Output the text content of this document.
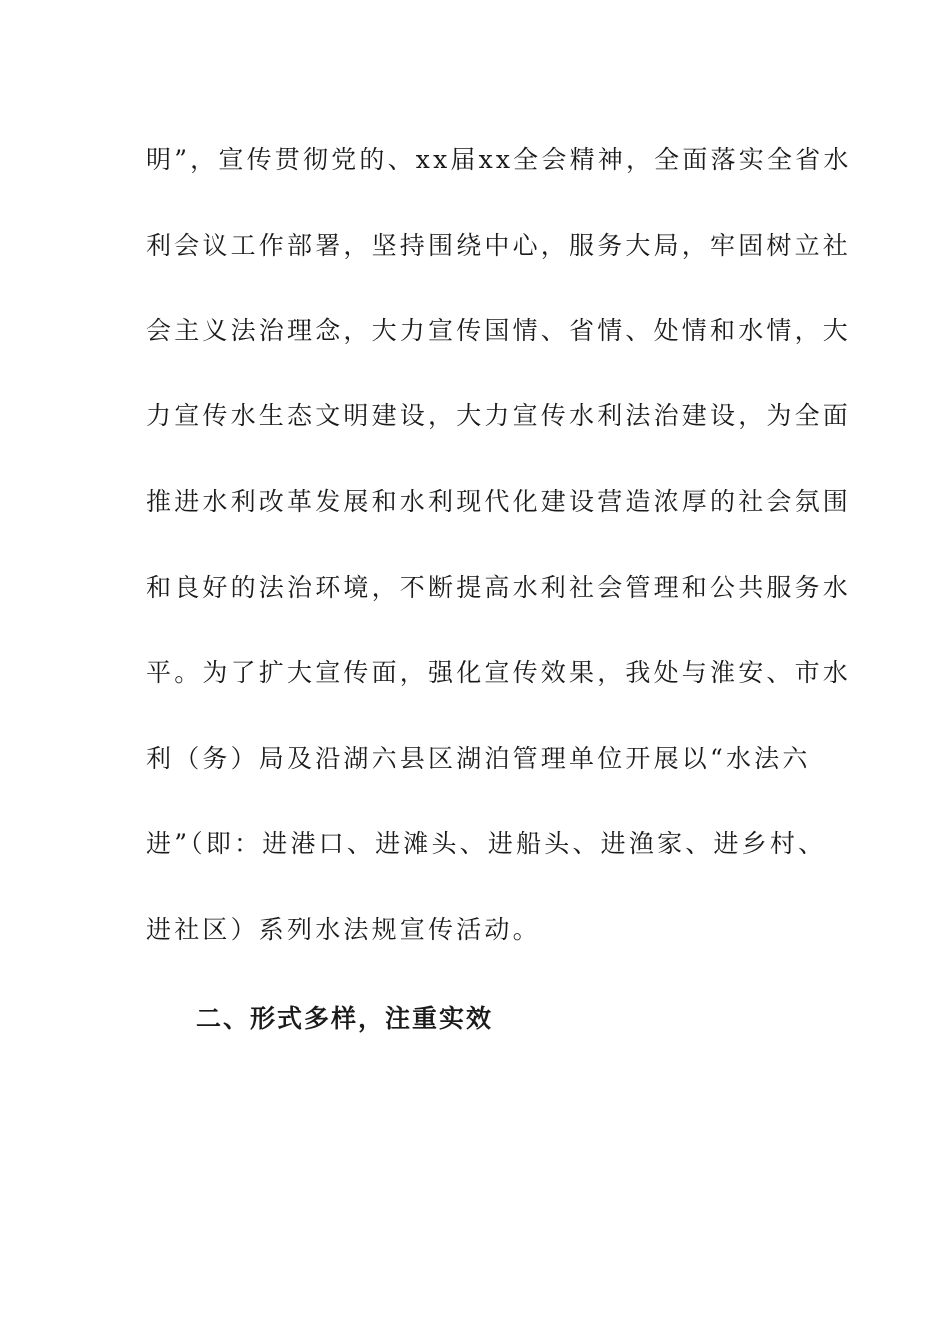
明”，宣传贯彻党的、xx届xx全会精神，全面落实全省水
利会议工作部署，坚持围绕中心，服务大局，牢固树立社
会主义法治理念，大力宣传国情、省情、处情和水情，大
力宣传水生态文明建设，大力宣传水利法治建设，为全面
推进水利改革发展和水利现代化建设营造浓厚的社会氛围
和良好的法治环境，不断提高水利社会管理和公共服务水
平。为了扩大宣传面，强化宣传效果，我处与淮安、市水
利（务）局及沿湖六县区湖泊管理单位开展以“水法六
进”（即：进港口、进滩头、进船头、进渔家、进乡村、
进社区）系列水法规宣传活动。
二、形式多样，注重实效
